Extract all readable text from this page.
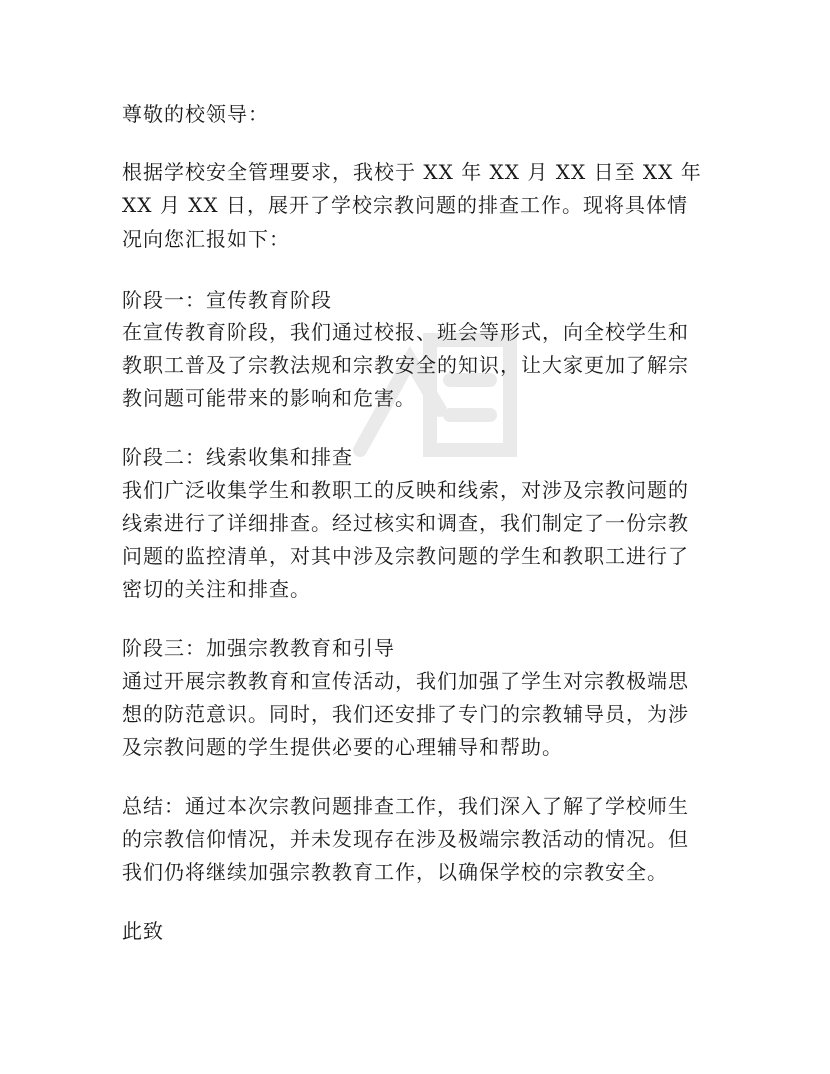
尊敬的校领导：
根据学校安全管理要求，我校于 XX 年 XX 月 XX 日至 XX 年
XX 月 XX 日，展开了学校宗教问题的排查工作。现将具体情
况向您汇报如下：
阶段一：宣传教育阶段
在宣传教育阶段，我们通过校报、班会等形式，向全校学生和
教职工普及了宗教法规和宗教安全的知识，让大家更加了解宗
教问题可能带来的影响和危害。
阶段二：线索收集和排查
我们广泛收集学生和教职工的反映和线索，对涉及宗教问题的
线索进行了详细排查。经过核实和调查，我们制定了一份宗教
问题的监控清单，对其中涉及宗教问题的学生和教职工进行了
密切的关注和排查。
阶段三：加强宗教教育和引导
通过开展宗教教育和宣传活动，我们加强了学生对宗教极端思
想的防范意识。同时，我们还安排了专门的宗教辅导员，为涉
及宗教问题的学生提供必要的心理辅导和帮助。
总结：通过本次宗教问题排查工作，我们深入了解了学校师生
的宗教信仰情况，并未发现存在涉及极端宗教活动的情况。但
我们仍将继续加强宗教教育工作，以确保学校的宗教安全。
此致
